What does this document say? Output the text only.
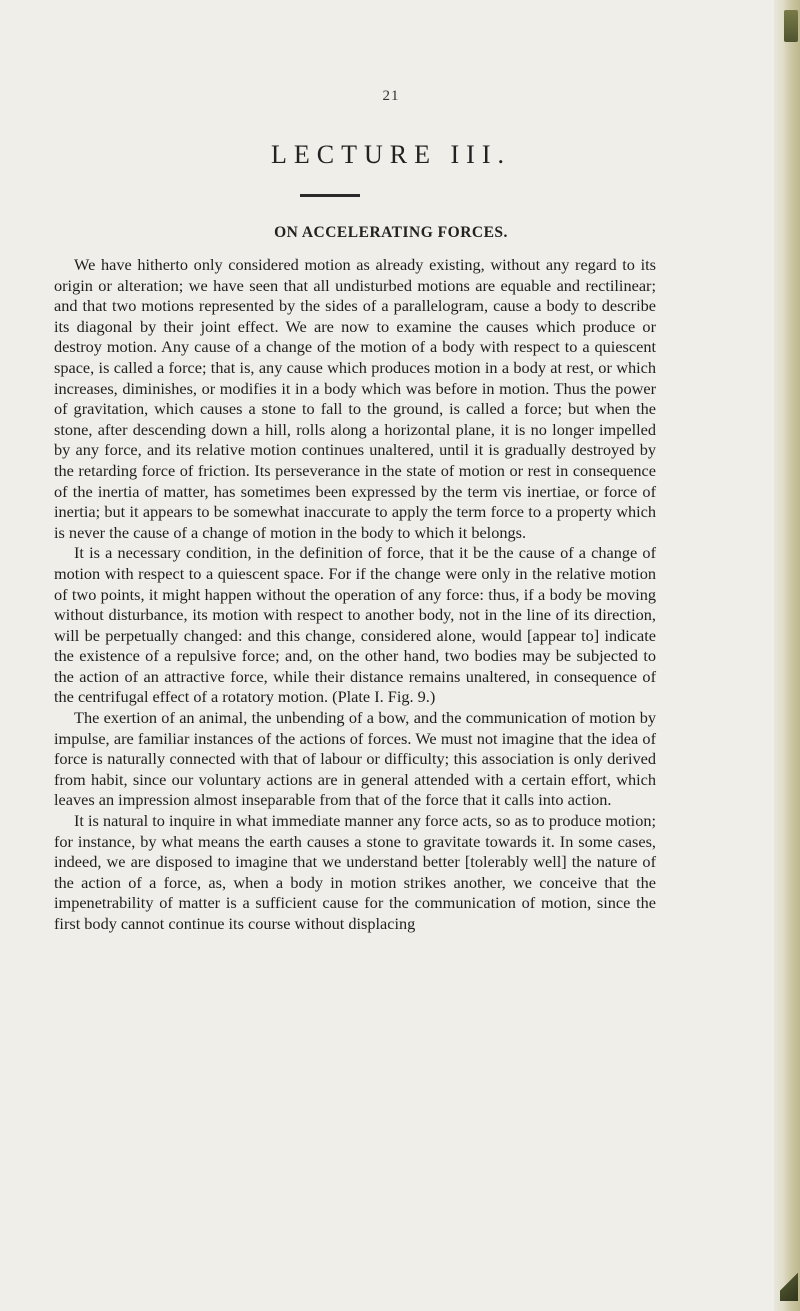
21
LECTURE III.
ON ACCELERATING FORCES.

We have hitherto only considered motion as already existing, without any regard to its origin or alteration; we have seen that all undisturbed motions are equable and rectilinear; and that two motions represented by the sides of a parallelogram, cause a body to describe its diagonal by their joint effect. We are now to examine the causes which produce or destroy motion. Any cause of a change of the motion of a body with respect to a quiescent space, is called a force; that is, any cause which produces motion in a body at rest, or which increases, diminishes, or modifies it in a body which was before in motion. Thus the power of gravitation, which causes a stone to fall to the ground, is called a force; but when the stone, after descending down a hill, rolls along a horizontal plane, it is no longer impelled by any force, and its relative motion continues unaltered, until it is gradually destroyed by the retarding force of friction. Its perseverance in the state of motion or rest in consequence of the inertia of matter, has sometimes been expressed by the term vis inertiae, or force of inertia; but it appears to be somewhat inaccurate to apply the term force to a property which is never the cause of a change of motion in the body to which it belongs.

It is a necessary condition, in the definition of force, that it be the cause of a change of motion with respect to a quiescent space. For if the change were only in the relative motion of two points, it might happen without the operation of any force: thus, if a body be moving without disturbance, its motion with respect to another body, not in the line of its direction, will be perpetually changed: and this change, considered alone, would [appear to] indicate the existence of a repulsive force; and, on the other hand, two bodies may be subjected to the action of an attractive force, while their distance remains unaltered, in consequence of the centrifugal effect of a rotatory motion. (Plate I. Fig. 9.)

The exertion of an animal, the unbending of a bow, and the communication of motion by impulse, are familiar instances of the actions of forces. We must not imagine that the idea of force is naturally connected with that of labour or difficulty; this association is only derived from habit, since our voluntary actions are in general attended with a certain effort, which leaves an impression almost inseparable from that of the force that it calls into action.

It is natural to inquire in what immediate manner any force acts, so as to produce motion; for instance, by what means the earth causes a stone to gravitate towards it. In some cases, indeed, we are disposed to imagine that we understand better [tolerably well] the nature of the action of a force, as, when a body in motion strikes another, we conceive that the impenetrability of matter is a sufficient cause for the communication of motion, since the first body cannot continue its course without displacing
